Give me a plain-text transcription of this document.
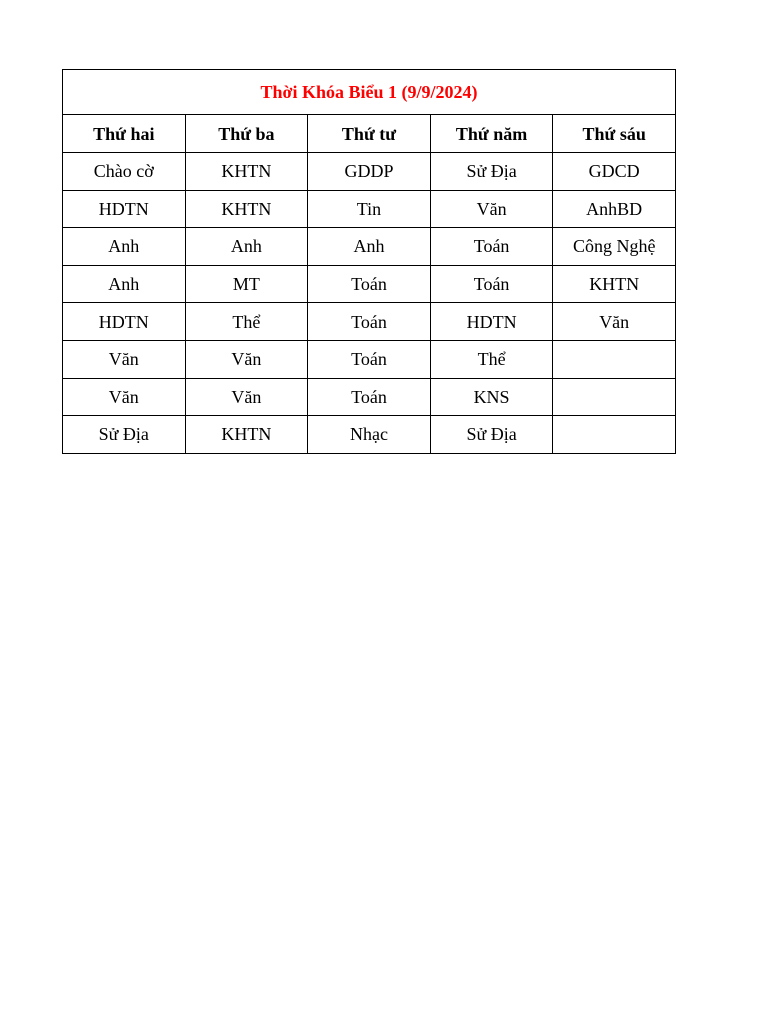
Thời Khóa Biểu 1 (9/9/2024)				
Thứ hai	Thứ ba	Thứ tư	Thứ năm	Thứ sáu
Chào cờ	KHTN	GDDP	Sử Địa	GDCD
HDTN	KHTN	Tin	Văn	AnhBD
Anh	Anh	Anh	Toán	Công Nghệ
Anh	MT	Toán	Toán	KHTN
HDTN	Thể	Toán	HDTN	Văn
Văn	Văn	Toán	Thể	
Văn	Văn	Toán	KNS	
Sử Địa	KHTN	Nhạc	Sử Địa	
